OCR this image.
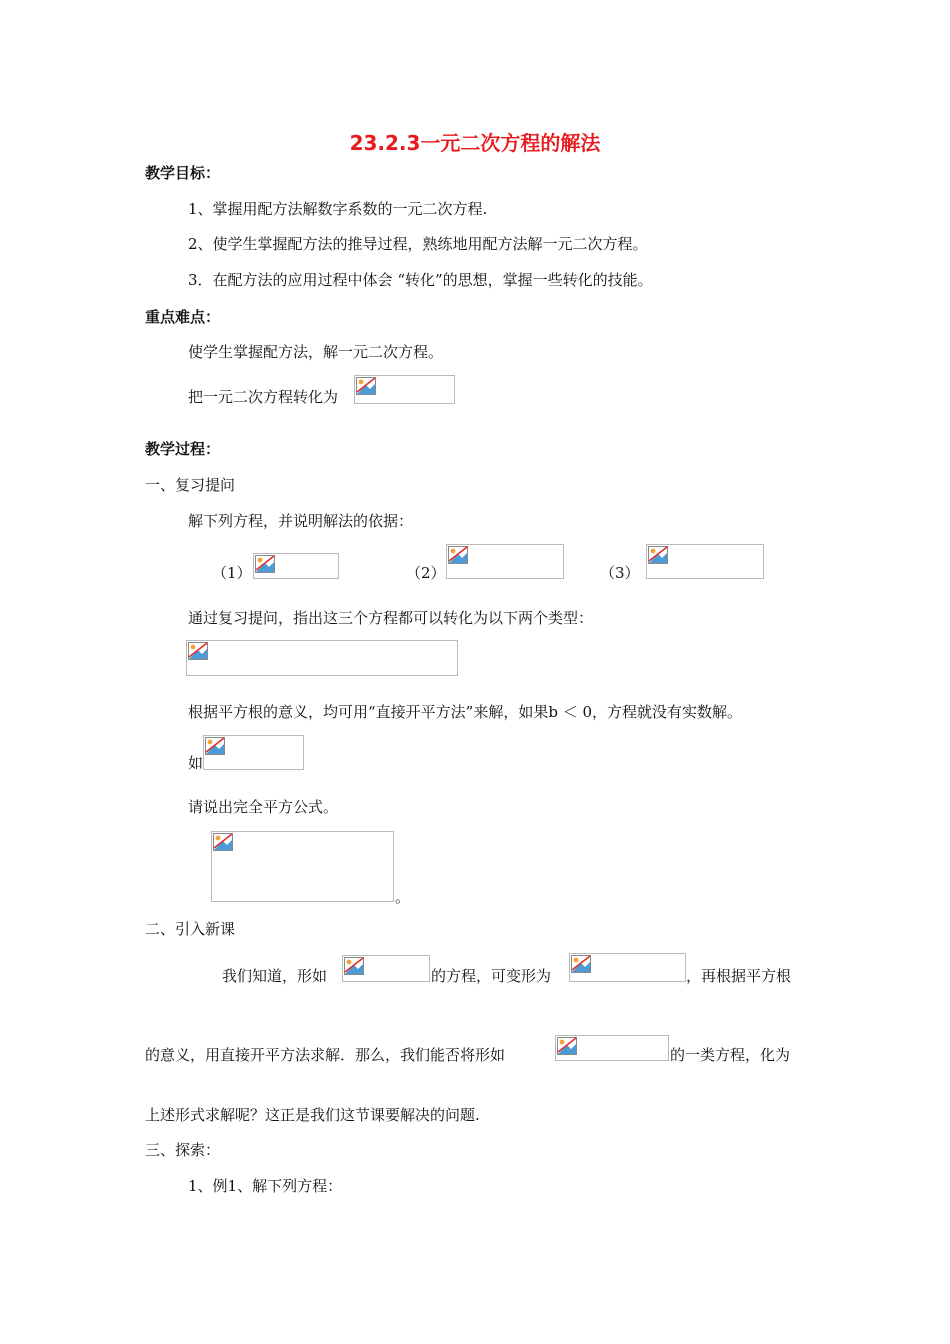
23.2.3一元二次方程的解法
教学目标：
1、掌握用配方法解数字系数的一元二次方程.
2、使学生掌握配方法的推导过程，熟练地用配方法解一元二次方程。
3．在配方法的应用过程中体会 “转化”的思想，掌握一些转化的技能。
重点难点：
使学生掌握配方法，解一元二次方程。
把一元二次方程转化为
教学过程：
一、复习提问
解下列方程，并说明解法的依据：
（1）	（2）	（3）
通过复习提问，指出这三个方程都可以转化为以下两个类型：
根据平方根的意义，均可用“直接开平方法”来解，如果b ＜ 0，方程就没有实数解。
如
请说出完全平方公式。
。
二、引入新课
我们知道，形如	的方程，可变形为	，再根据平方根
的意义，用直接开平方法求解．那么，我们能否将形如	的一类方程，化为
上述形式求解呢？这正是我们这节课要解决的问题.
三、探索：
1、例1、解下列方程：
